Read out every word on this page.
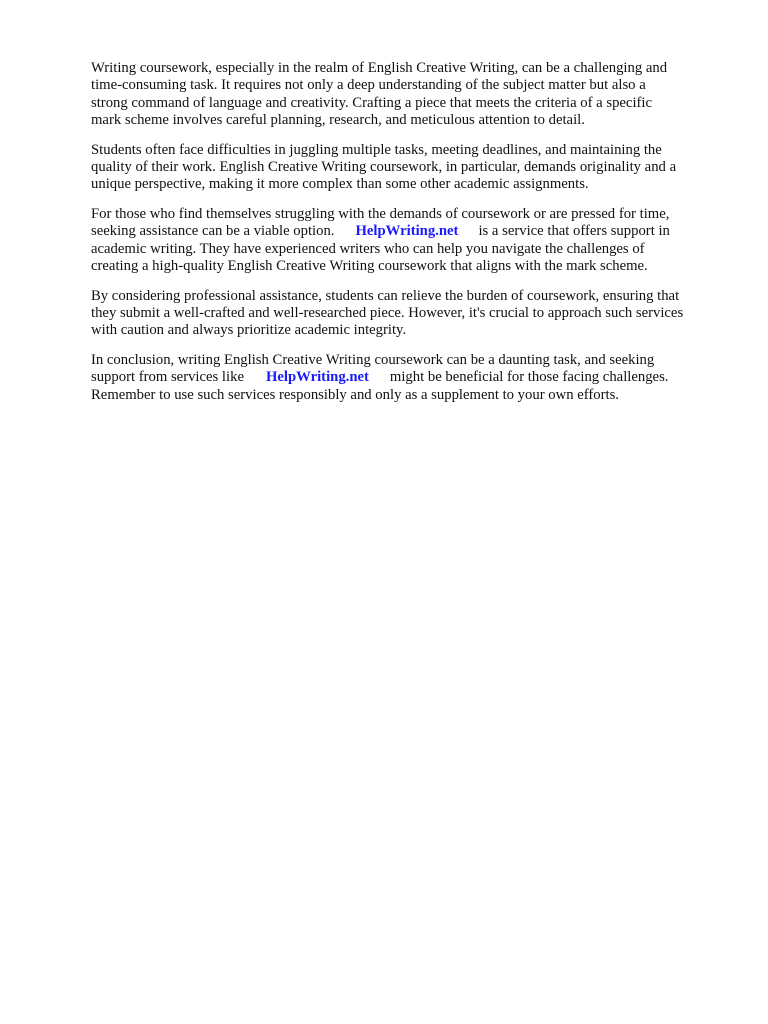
Writing coursework, especially in the realm of English Creative Writing, can be a challenging and
time-consuming task. It requires not only a deep understanding of the subject matter but also a
strong command of language and creativity. Crafting a piece that meets the criteria of a specific
mark scheme involves careful planning, research, and meticulous attention to detail.

Students often face difficulties in juggling multiple tasks, meeting deadlines, and maintaining the
quality of their work. English Creative Writing coursework, in particular, demands originality and a
unique perspective, making it more complex than some other academic assignments.

For those who find themselves struggling with the demands of coursework or are pressed for time,
seeking assistance can be a viable option. HelpWriting.net is a service that offers support in
academic writing. They have experienced writers who can help you navigate the challenges of
creating a high-quality English Creative Writing coursework that aligns with the mark scheme.

By considering professional assistance, students can relieve the burden of coursework, ensuring that
they submit a well-crafted and well-researched piece. However, it's crucial to approach such services
with caution and always prioritize academic integrity.

In conclusion, writing English Creative Writing coursework can be a daunting task, and seeking
support from services like HelpWriting.net might be beneficial for those facing challenges.
Remember to use such services responsibly and only as a supplement to your own efforts.
